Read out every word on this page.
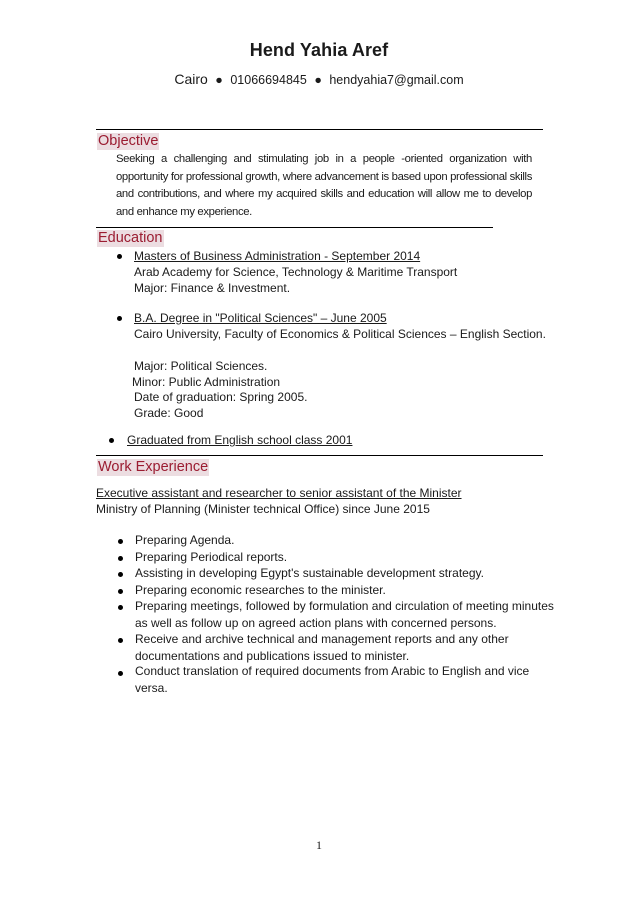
Hend Yahia Aref
Cairo ● 01066694845 ● hendyahia7@gmail.com
Objective
Seeking a challenging and stimulating job in a people -oriented organization with opportunity for professional growth, where advancement is based upon professional skills and contributions, and where my acquired skills and education will allow me to develop and enhance my experience.
Education
Masters of Business Administration - September 2014
Arab Academy for Science, Technology & Maritime Transport
Major: Finance & Investment.
B.A. Degree in "Political Sciences" – June 2005
Cairo University, Faculty of Economics & Political Sciences – English Section.
Major: Political Sciences.
Minor: Public Administration
Date of graduation: Spring 2005.
Grade: Good
Graduated from English school class 2001
Work Experience
Executive assistant and researcher to senior assistant of the Minister
Ministry of Planning (Minister technical Office) since June 2015
Preparing Agenda.
Preparing Periodical reports.
Assisting in developing Egypt's sustainable development strategy.
Preparing economic researches to the minister.
Preparing meetings, followed by formulation and circulation of meeting minutes as well as follow up on agreed action plans with concerned persons.
Receive and archive technical and management reports and any other documentations and publications issued to minister.
Conduct translation of required documents from Arabic to English and vice versa.
1
